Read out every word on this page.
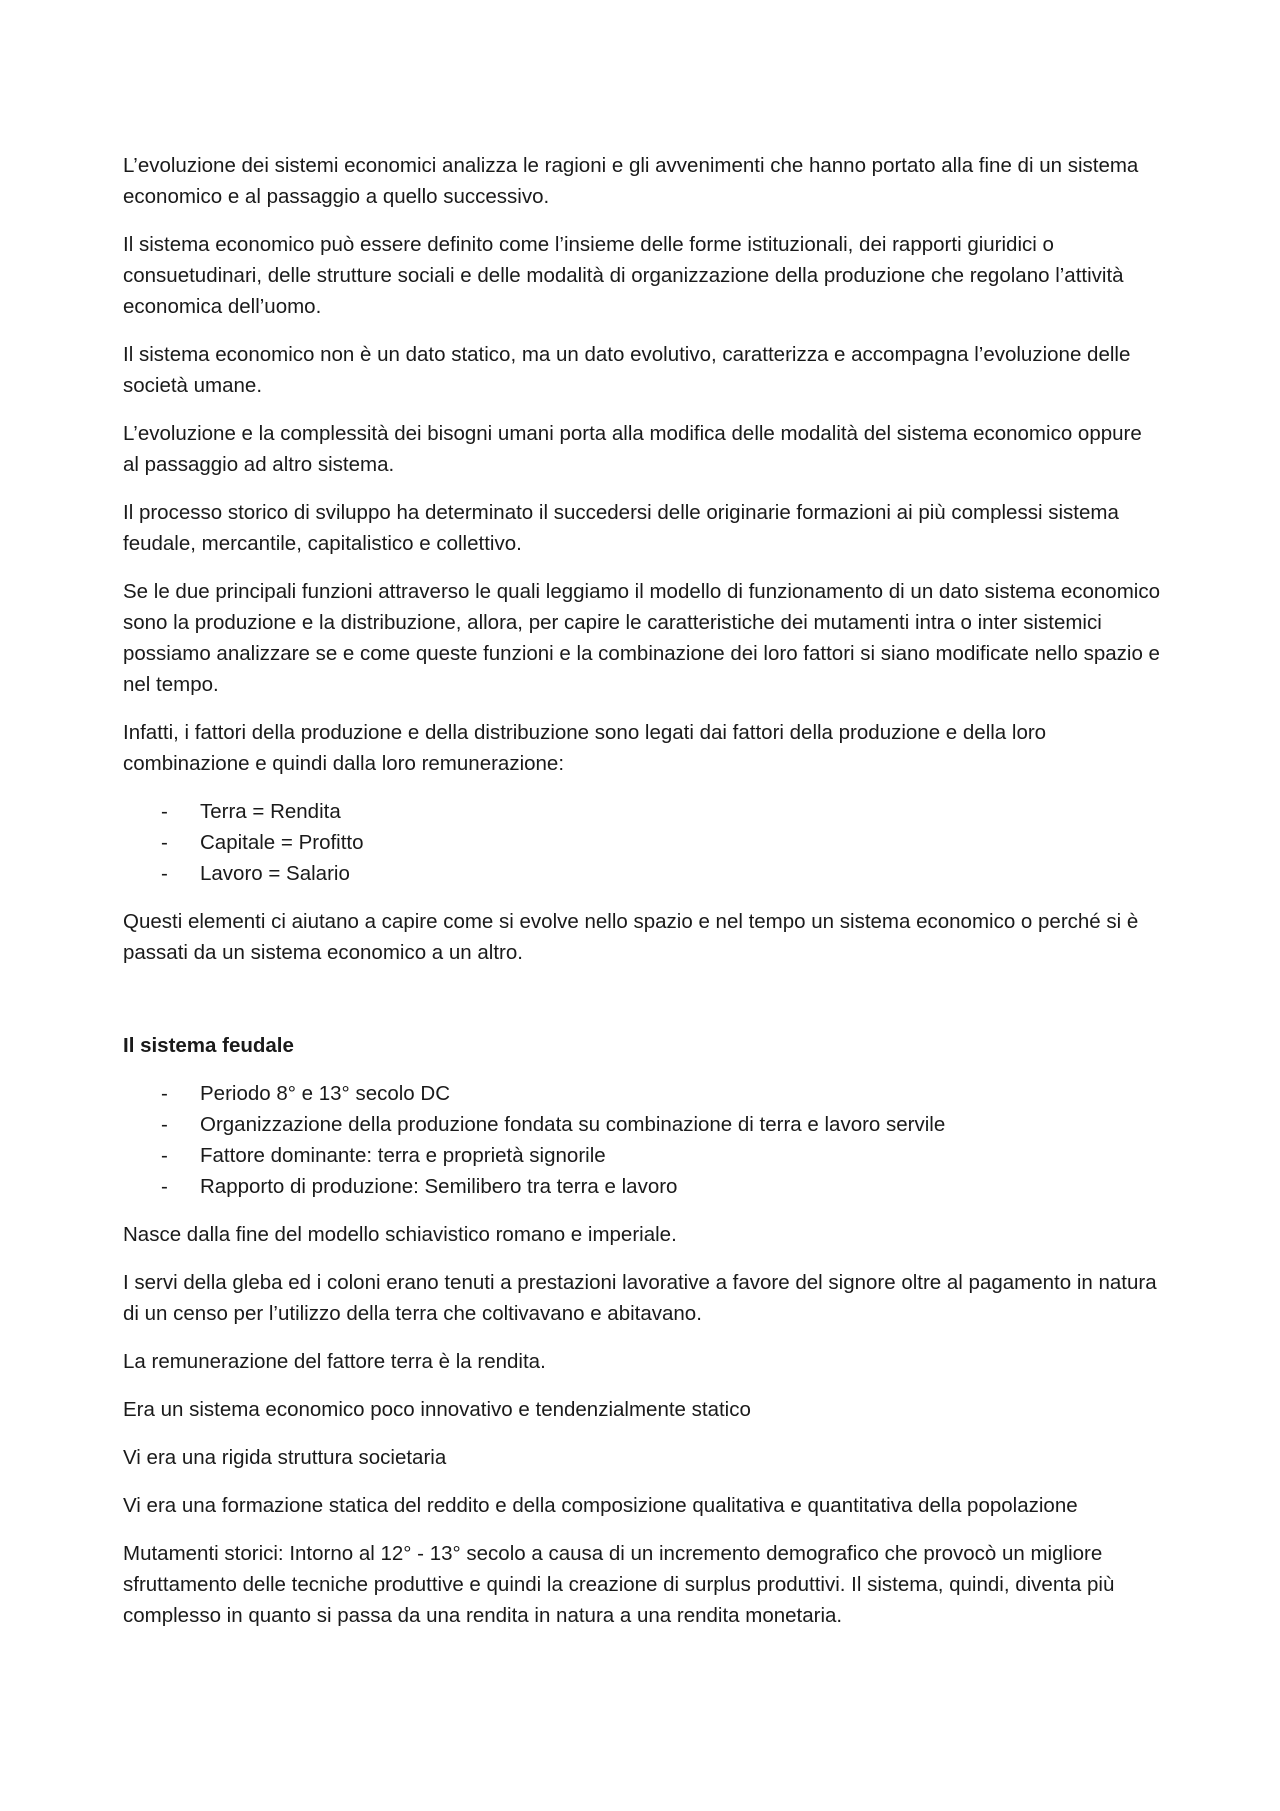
L’evoluzione dei sistemi economici analizza le ragioni e gli avvenimenti che hanno portato alla fine di un sistema economico e al passaggio a quello successivo.

Il sistema economico può essere definito come l’insieme delle forme istituzionali, dei rapporti giuridici o consuetudinari, delle strutture sociali e delle modalità di organizzazione della produzione che regolano l’attività economica dell’uomo.

Il sistema economico non è un dato statico, ma un dato evolutivo, caratterizza e accompagna l’evoluzione delle società umane.

L’evoluzione e la complessità dei bisogni umani porta alla modifica delle modalità del sistema economico oppure al passaggio ad altro sistema.

Il processo storico di sviluppo ha determinato il succedersi delle originarie formazioni ai più complessi sistema feudale, mercantile, capitalistico e collettivo.

Se le due principali funzioni attraverso le quali leggiamo il modello di funzionamento di un dato sistema economico sono la produzione e la distribuzione, allora, per capire le caratteristiche dei mutamenti intra o inter sistemici possiamo analizzare se e come queste funzioni e la combinazione dei loro fattori si siano modificate nello spazio e nel tempo.

Infatti, i fattori della produzione e della distribuzione sono legati dai fattori della produzione e della loro combinazione e quindi dalla loro remunerazione:

- Terra = Rendita
- Capitale = Profitto
- Lavoro = Salario

Questi elementi ci aiutano a capire come si evolve nello spazio e nel tempo un sistema economico o perché si è passati da un sistema economico a un altro.

Il sistema feudale

- Periodo 8° e 13° secolo DC
- Organizzazione della produzione fondata su combinazione di terra e lavoro servile
- Fattore dominante: terra e proprietà signorile
- Rapporto di produzione: Semilibero tra terra e lavoro

Nasce dalla fine del modello schiavistico romano e imperiale.

I servi della gleba ed i coloni erano tenuti a prestazioni lavorative a favore del signore oltre al pagamento in natura di un censo per l’utilizzo della terra che coltivavano e abitavano.

La remunerazione del fattore terra è la rendita.

Era un sistema economico poco innovativo e tendenzialmente statico

Vi era una rigida struttura societaria

Vi era una formazione statica del reddito e della composizione qualitativa e quantitativa della popolazione

Mutamenti storici: Intorno al 12° - 13° secolo a causa di un incremento demografico che provocò un migliore sfruttamento delle tecniche produttive e quindi la creazione di surplus produttivi. Il sistema, quindi, diventa più complesso in quanto si passa da una rendita in natura a una rendita monetaria.
